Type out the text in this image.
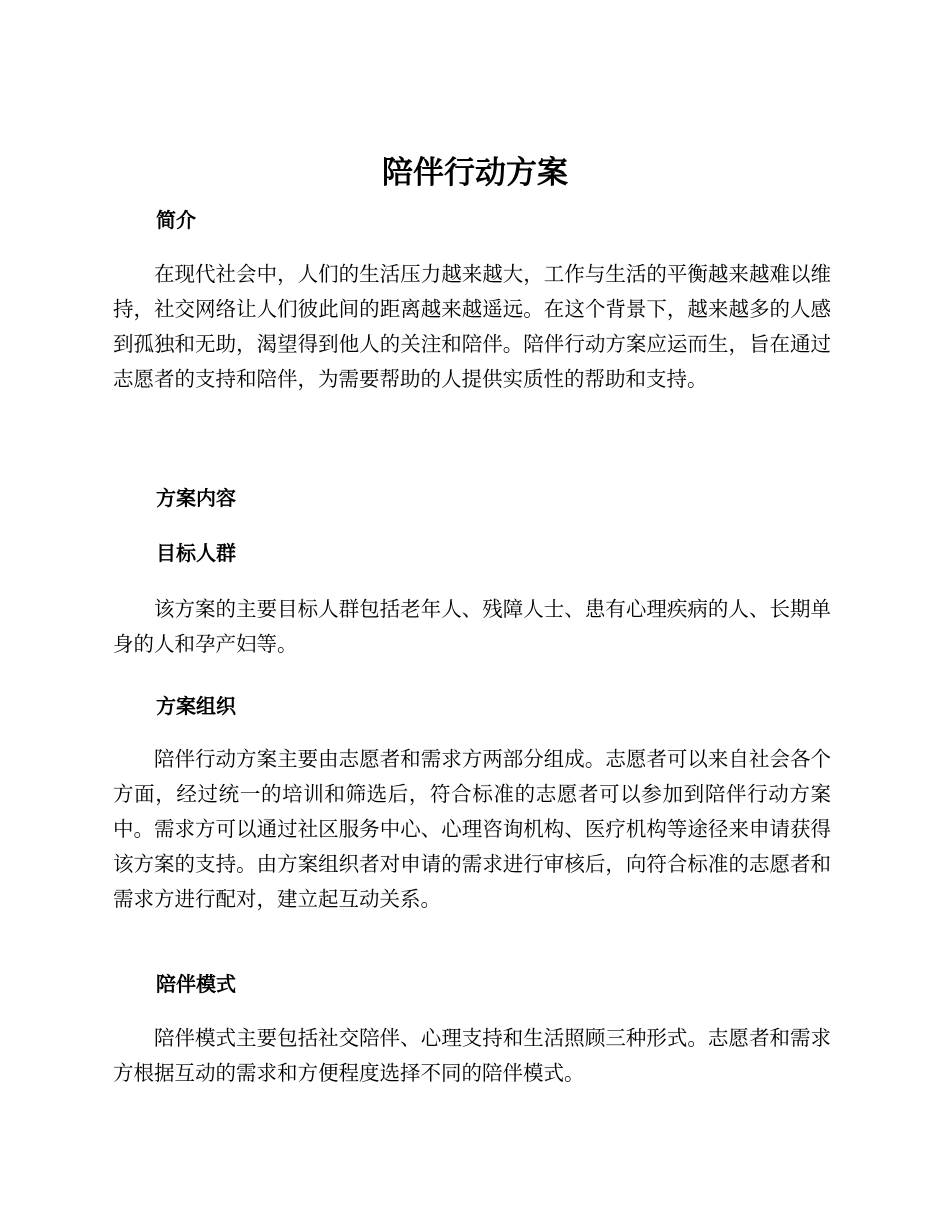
陪伴行动方案
简介

在现代社会中，人们的生活压力越来越大，工作与生活的平衡越来越难以维持，社交网络让人们彼此间的距离越来越遥远。在这个背景下，越来越多的人感到孤独和无助，渴望得到他人的关注和陪伴。陪伴行动方案应运而生，旨在通过志愿者的支持和陪伴，为需要帮助的人提供实质性的帮助和支持。

方案内容
目标人群

该方案的主要目标人群包括老年人、残障人士、患有心理疾病的人、长期单身的人和孕产妇等。

方案组织

陪伴行动方案主要由志愿者和需求方两部分组成。志愿者可以来自社会各个方面，经过统一的培训和筛选后，符合标准的志愿者可以参加到陪伴行动方案中。需求方可以通过社区服务中心、心理咨询机构、医疗机构等途径来申请获得该方案的支持。由方案组织者对申请的需求进行审核后，向符合标准的志愿者和需求方进行配对，建立起互动关系。

陪伴模式

陪伴模式主要包括社交陪伴、心理支持和生活照顾三种形式。志愿者和需求方根据互动的需求和方便程度选择不同的陪伴模式。
